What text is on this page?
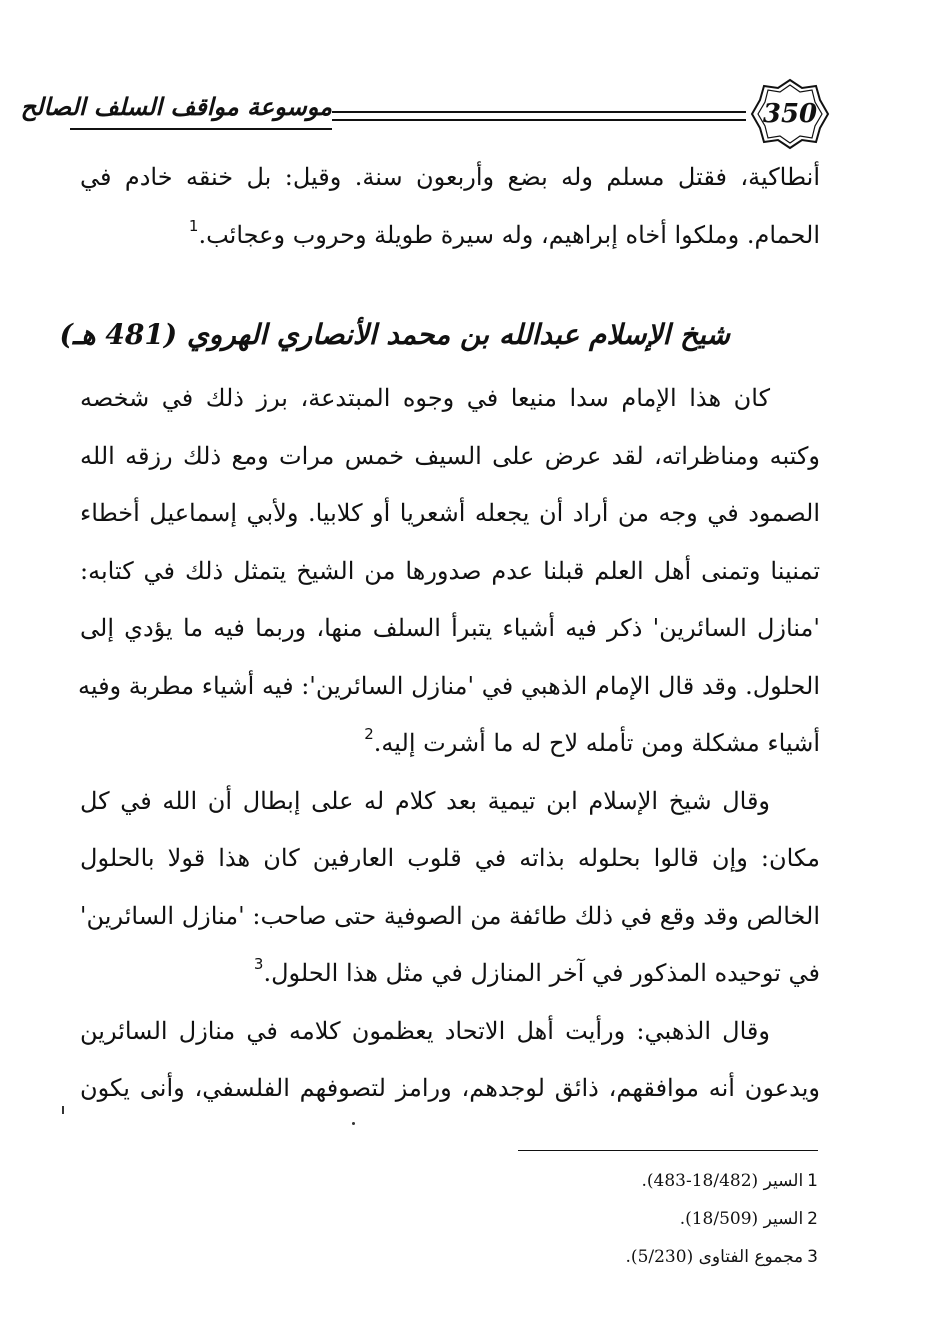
موسوعة مواقف السلف الصالح	350
أنطاكية، فقتل مسلم وله بضع وأربعون سنة. وقيل: بل خنقه خادم في
الحمام. وملكوا أخاه إبراهيم، وله سيرة طويلة وحروب وعجائب.$^1$
شيخ الإسلام عبدالله بن محمد الأنصاري الهروي (481 هـ)
كان هذا الإمام سدا منيعا في وجوه المبتدعة، برز ذلك في شخصه
وكتبه ومناظراته، لقد عرض على السيف خمس مرات ومع ذلك رزقه الله
الصمود في وجه من أراد أن يجعله أشعريا أو كلابيا. ولأبي إسماعيل أخطاء
تمنينا وتمنى أهل العلم قبلنا عدم صدورها من الشيخ يتمثل ذلك في كتابه:
'منازل السائرين' ذكر فيه أشياء يتبرأ السلف منها، وربما فيه ما يؤدي إلى
الحلول. وقد قال الإمام الذهبي في 'منازل السائرين': فيه أشياء مطربة وفيه
أشياء مشكلة ومن تأمله لاح له ما أشرت إليه.$^2$
وقال شيخ الإسلام ابن تيمية بعد كلام له على إبطال أن الله في كل
مكان: وإن قالوا بحلوله بذاته في قلوب العارفين كان هذا قولا بالحلول
الخالص وقد وقع في ذلك طائفة من الصوفية حتى صاحب: 'منازل السائرين'
في توحيده المذكور في آخر المنازل في مثل هذا الحلول.$^3$
وقال الذهبي: ورأيت أهل الاتحاد يعظمون كلامه في منازل السائرين
ويدعون أنه موافقهم، ذائق لوجدهم، ورامز لتصوفهم الفلسفي، وأنى يكون
1السير (18/482-483).
2السير (18/509).
3مجموع الفتاوى (5/230).
